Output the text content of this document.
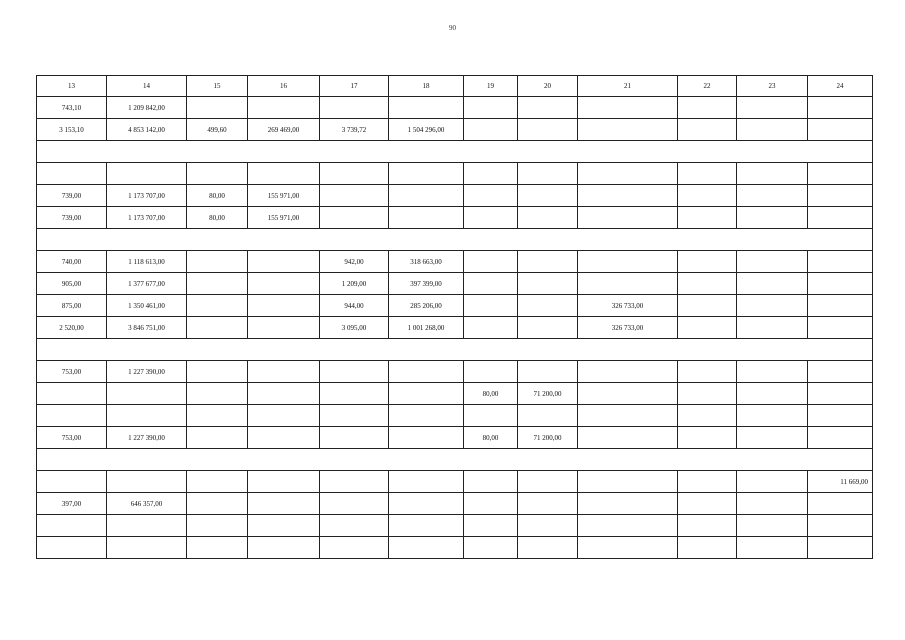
90
13	14	15	16	17	18	19	20	21	22	23	24
743,10	1 209 842,00										
3 153,10	4 853 142,00	499,60	269 469,00	3 739,72	1 504 296,00						

739,00	1 173 707,00	80,00	155 971,00								
739,00	1 173 707,00	80,00	155 971,00								

740,00	1 118 613,00			942,00	318 663,00						
905,00	1 377 677,00			1 209,00	397 399,00						
875,00	1 350 461,00			944,00	285 206,00			326 733,00			
2 520,00	3 846 751,00			3 095,00	1 001 268,00			326 733,00			

753,00	1 227 390,00										
						80,00	71 200,00				

753,00	1 227 390,00					80,00	71 200,00				

											11 669,00
397,00	646 357,00										
